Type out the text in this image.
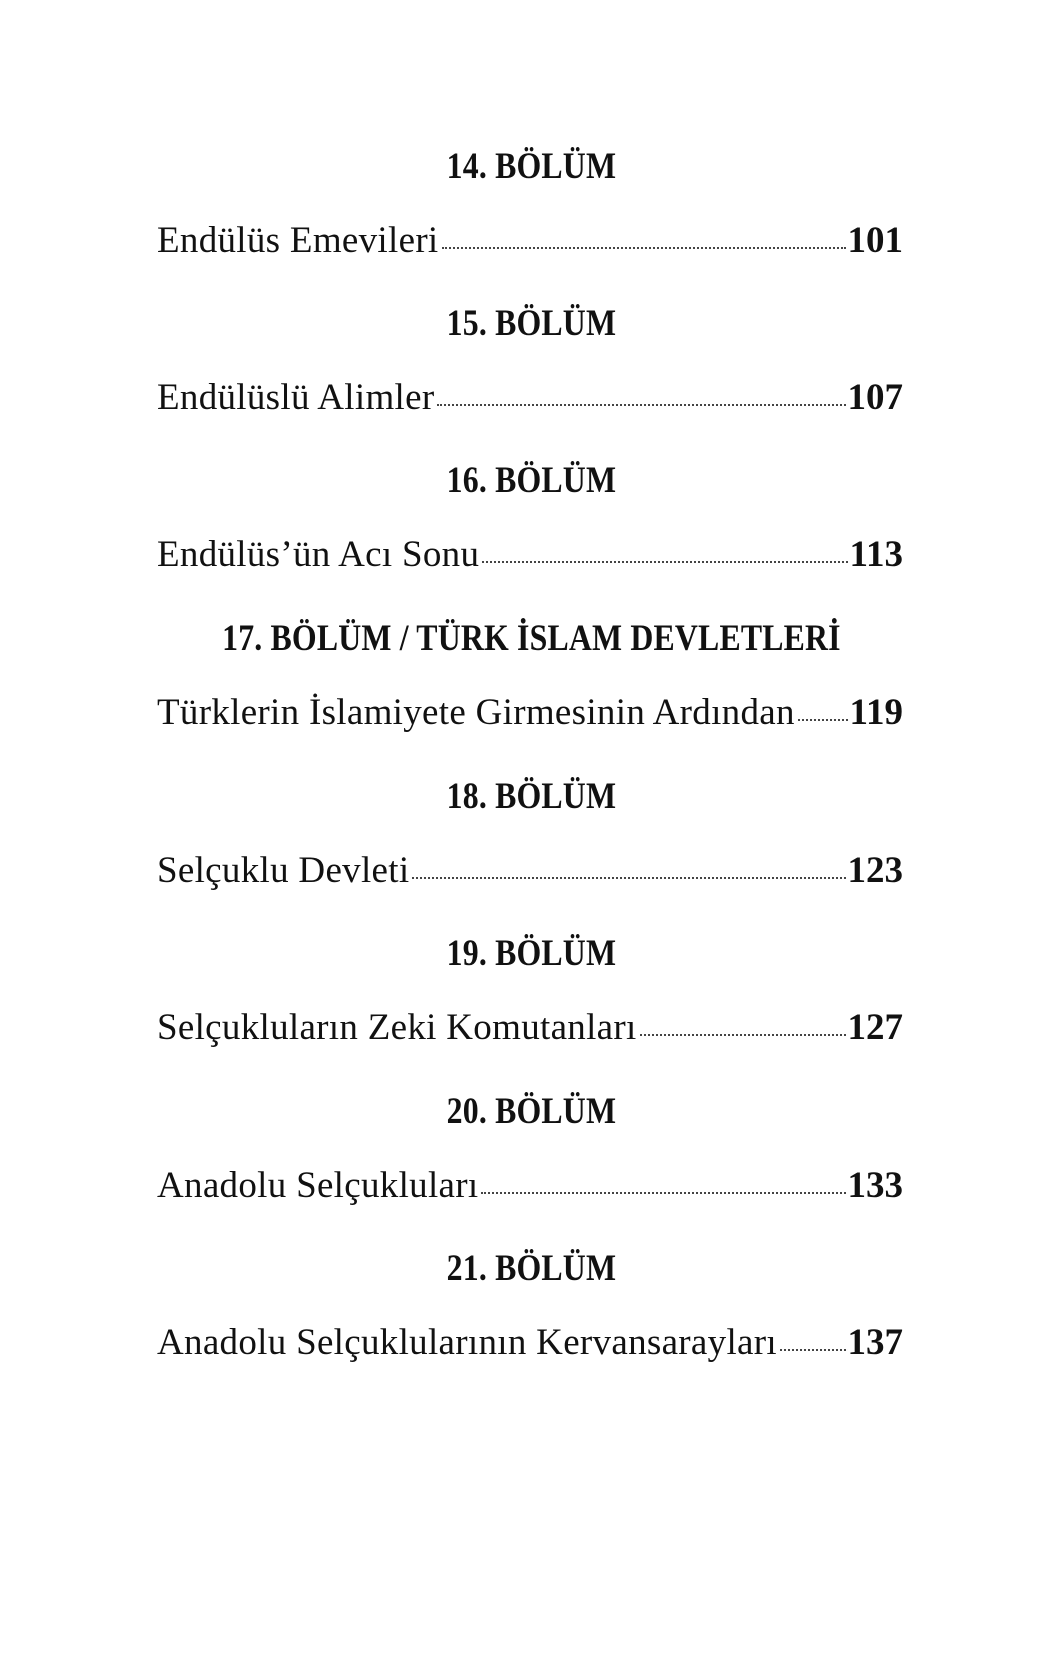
14. BÖLÜM
Endülüs Emevileri	101
15. BÖLÜM
Endülüslü Alimler	107
16. BÖLÜM
Endülüs’ün Acı Sonu	113
17. BÖLÜM / TÜRK İSLAM DEVLETLERİ
Türklerin İslamiyete Girmesinin Ardından 119
18. BÖLÜM
Selçuklu Devleti	123
19. BÖLÜM
Selçukluların Zeki Komutanları	127
20. BÖLÜM
Anadolu Selçukluları	133
21. BÖLÜM
Anadolu Selçuklularının Kervansarayları 137
